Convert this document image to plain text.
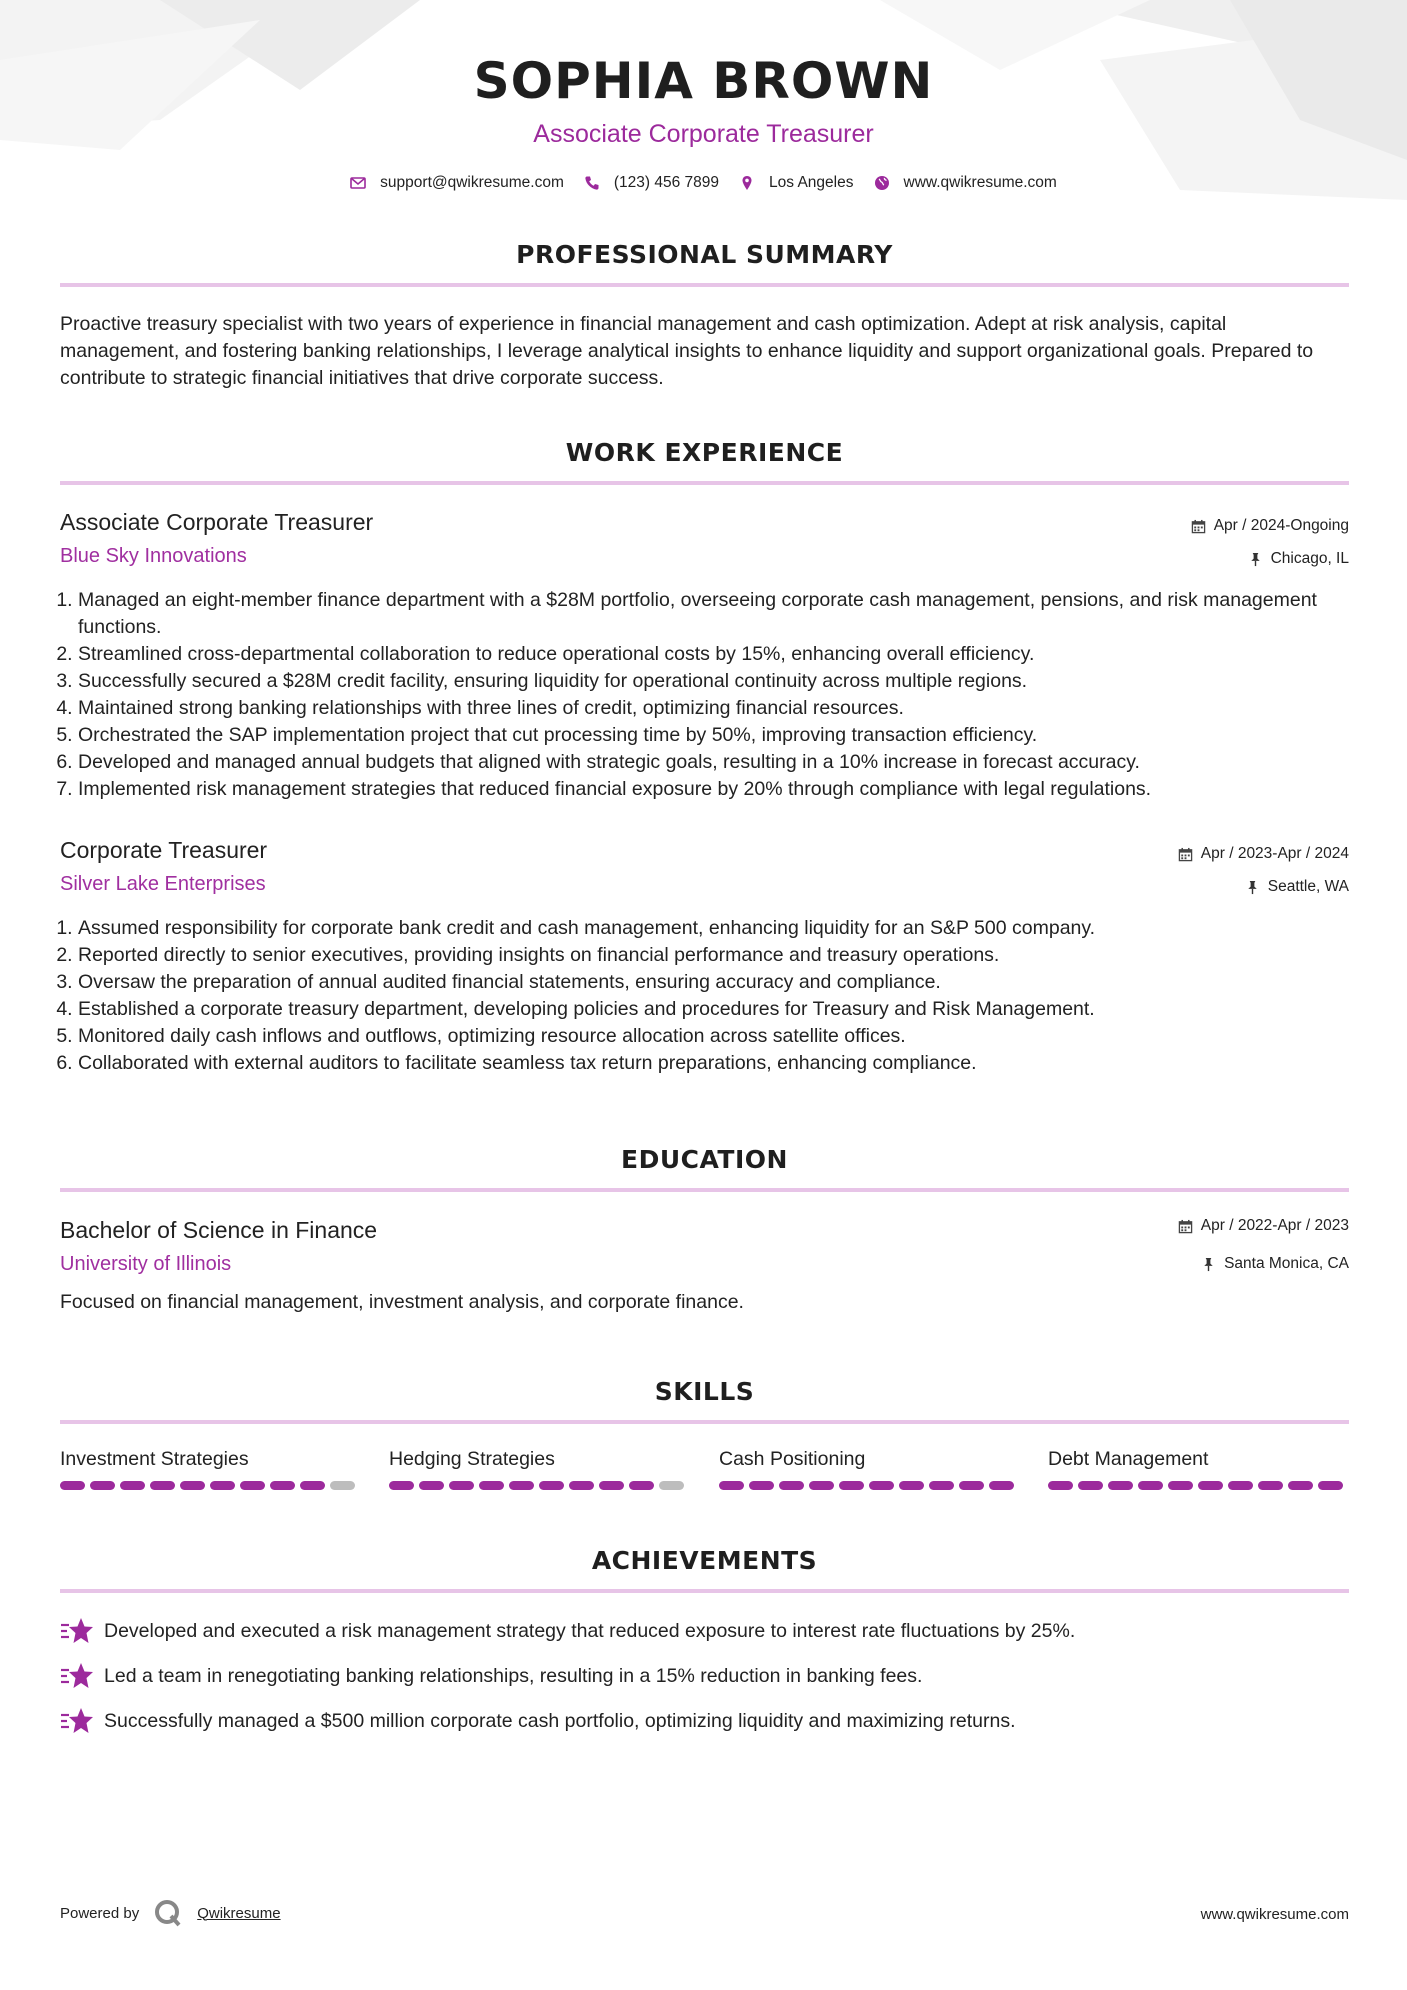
SOPHIA BROWN
Associate Corporate Treasurer
support@qwikresume.com	(123) 456 7899	Los Angeles	www.qwikresume.com
PROFESSIONAL SUMMARY
Proactive treasury specialist with two years of experience in financial management and cash optimization. Adept at risk analysis, capital management, and fostering banking relationships, I leverage analytical insights to enhance liquidity and support organizational goals. Prepared to contribute to strategic financial initiatives that drive corporate success.
WORK EXPERIENCE
Associate Corporate Treasurer	Apr / 2024-Ongoing
Blue Sky Innovations	Chicago, IL
1. Managed an eight-member finance department with a $28M portfolio, overseeing corporate cash management, pensions, and risk management functions.
2. Streamlined cross-departmental collaboration to reduce operational costs by 15%, enhancing overall efficiency.
3. Successfully secured a $28M credit facility, ensuring liquidity for operational continuity across multiple regions.
4. Maintained strong banking relationships with three lines of credit, optimizing financial resources.
5. Orchestrated the SAP implementation project that cut processing time by 50%, improving transaction efficiency.
6. Developed and managed annual budgets that aligned with strategic goals, resulting in a 10% increase in forecast accuracy.
7. Implemented risk management strategies that reduced financial exposure by 20% through compliance with legal regulations.
Corporate Treasurer	Apr / 2023-Apr / 2024
Silver Lake Enterprises	Seattle, WA
1. Assumed responsibility for corporate bank credit and cash management, enhancing liquidity for an S&P 500 company.
2. Reported directly to senior executives, providing insights on financial performance and treasury operations.
3. Oversaw the preparation of annual audited financial statements, ensuring accuracy and compliance.
4. Established a corporate treasury department, developing policies and procedures for Treasury and Risk Management.
5. Monitored daily cash inflows and outflows, optimizing resource allocation across satellite offices.
6. Collaborated with external auditors to facilitate seamless tax return preparations, enhancing compliance.
EDUCATION
Bachelor of Science in Finance	Apr / 2022-Apr / 2023
University of Illinois	Santa Monica, CA
Focused on financial management, investment analysis, and corporate finance.
SKILLS
Investment Strategies	Hedging Strategies	Cash Positioning	Debt Management
ACHIEVEMENTS
Developed and executed a risk management strategy that reduced exposure to interest rate fluctuations by 25%.
Led a team in renegotiating banking relationships, resulting in a 15% reduction in banking fees.
Successfully managed a $500 million corporate cash portfolio, optimizing liquidity and maximizing returns.
Powered by	Qwikresume	www.qwikresume.com
